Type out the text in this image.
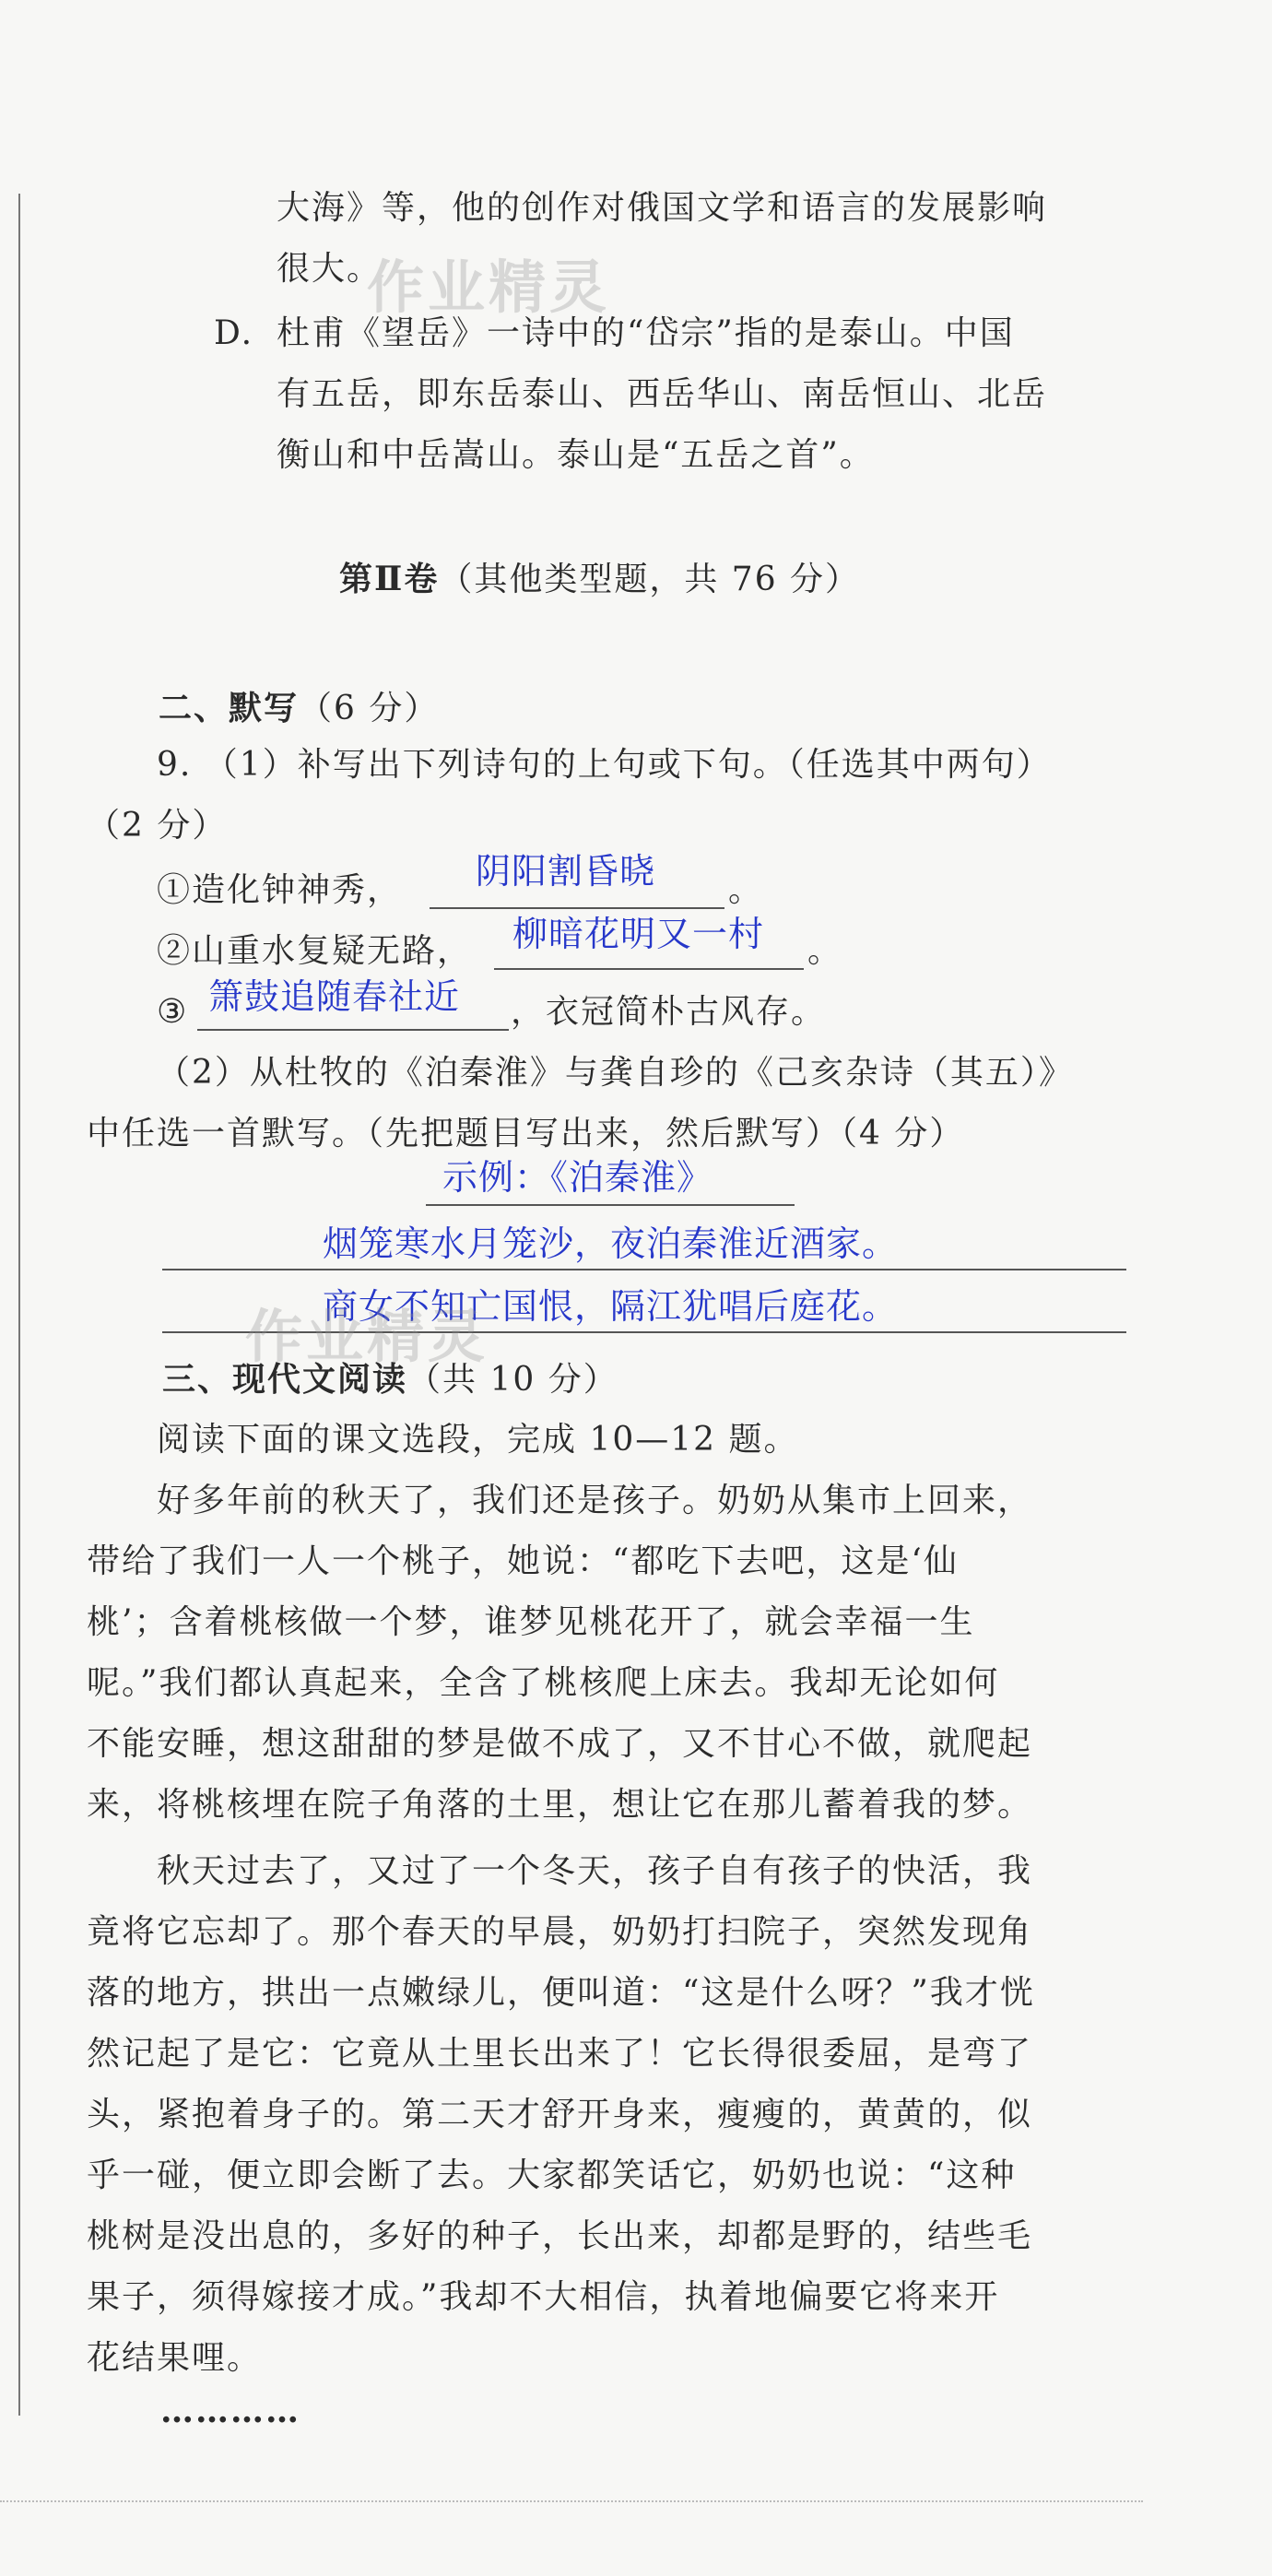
大海》等，他的创作对俄国文学和语言的发展影响
很大。
作业精灵
D. 杜甫《望岳》一诗中的“岱宗”指的是泰山。中国
有五岳，即东岳泰山、西岳华山、南岳恒山、北岳
衡山和中岳嵩山。泰山是“五岳之首”。
第Ⅱ卷（其他类型题，共 76 分）
二、默写（6 分）
9. （1）补写出下列诗句的上句或下句。（任选其中两句）
（2 分）
①造化钟神秀， 阴阳割昏晓 。
②山重水复疑无路， 柳暗花明又一村 。
③ 箫鼓追随春社近 ，衣冠简朴古风存。
（2）从杜牧的《泊秦淮》与龚自珍的《己亥杂诗（其五）》
中任选一首默写。（先把题目写出来，然后默写）（4 分）
示例：《泊秦淮》
烟笼寒水月笼沙，夜泊秦淮近酒家。
商女不知亡国恨，隔江犹唱后庭花。
作业精灵
三、现代文阅读（共 10 分）
阅读下面的课文选段，完成 10—12 题。
好多年前的秋天了，我们还是孩子。奶奶从集市上回来，
带给了我们一人一个桃子，她说：“都吃下去吧，这是‘仙
桃’；含着桃核做一个梦，谁梦见桃花开了，就会幸福一生
呢。”我们都认真起来，全含了桃核爬上床去。我却无论如何
不能安睡，想这甜甜的梦是做不成了，又不甘心不做，就爬起
来，将桃核埋在院子角落的土里，想让它在那儿蓄着我的梦。
秋天过去了，又过了一个冬天，孩子自有孩子的快活，我
竟将它忘却了。那个春天的早晨，奶奶打扫院子，突然发现角
落的地方，拱出一点嫩绿儿，便叫道：“这是什么呀？”我才恍
然记起了是它：它竟从土里长出来了！它长得很委屈，是弯了
头，紧抱着身子的。第二天才舒开身来，瘦瘦的，黄黄的，似
乎一碰，便立即会断了去。大家都笑话它，奶奶也说：“这种
桃树是没出息的，多好的种子，长出来，却都是野的，结些毛
果子，须得嫁接才成。”我却不大相信，执着地偏要它将来开
花结果哩。
…………
